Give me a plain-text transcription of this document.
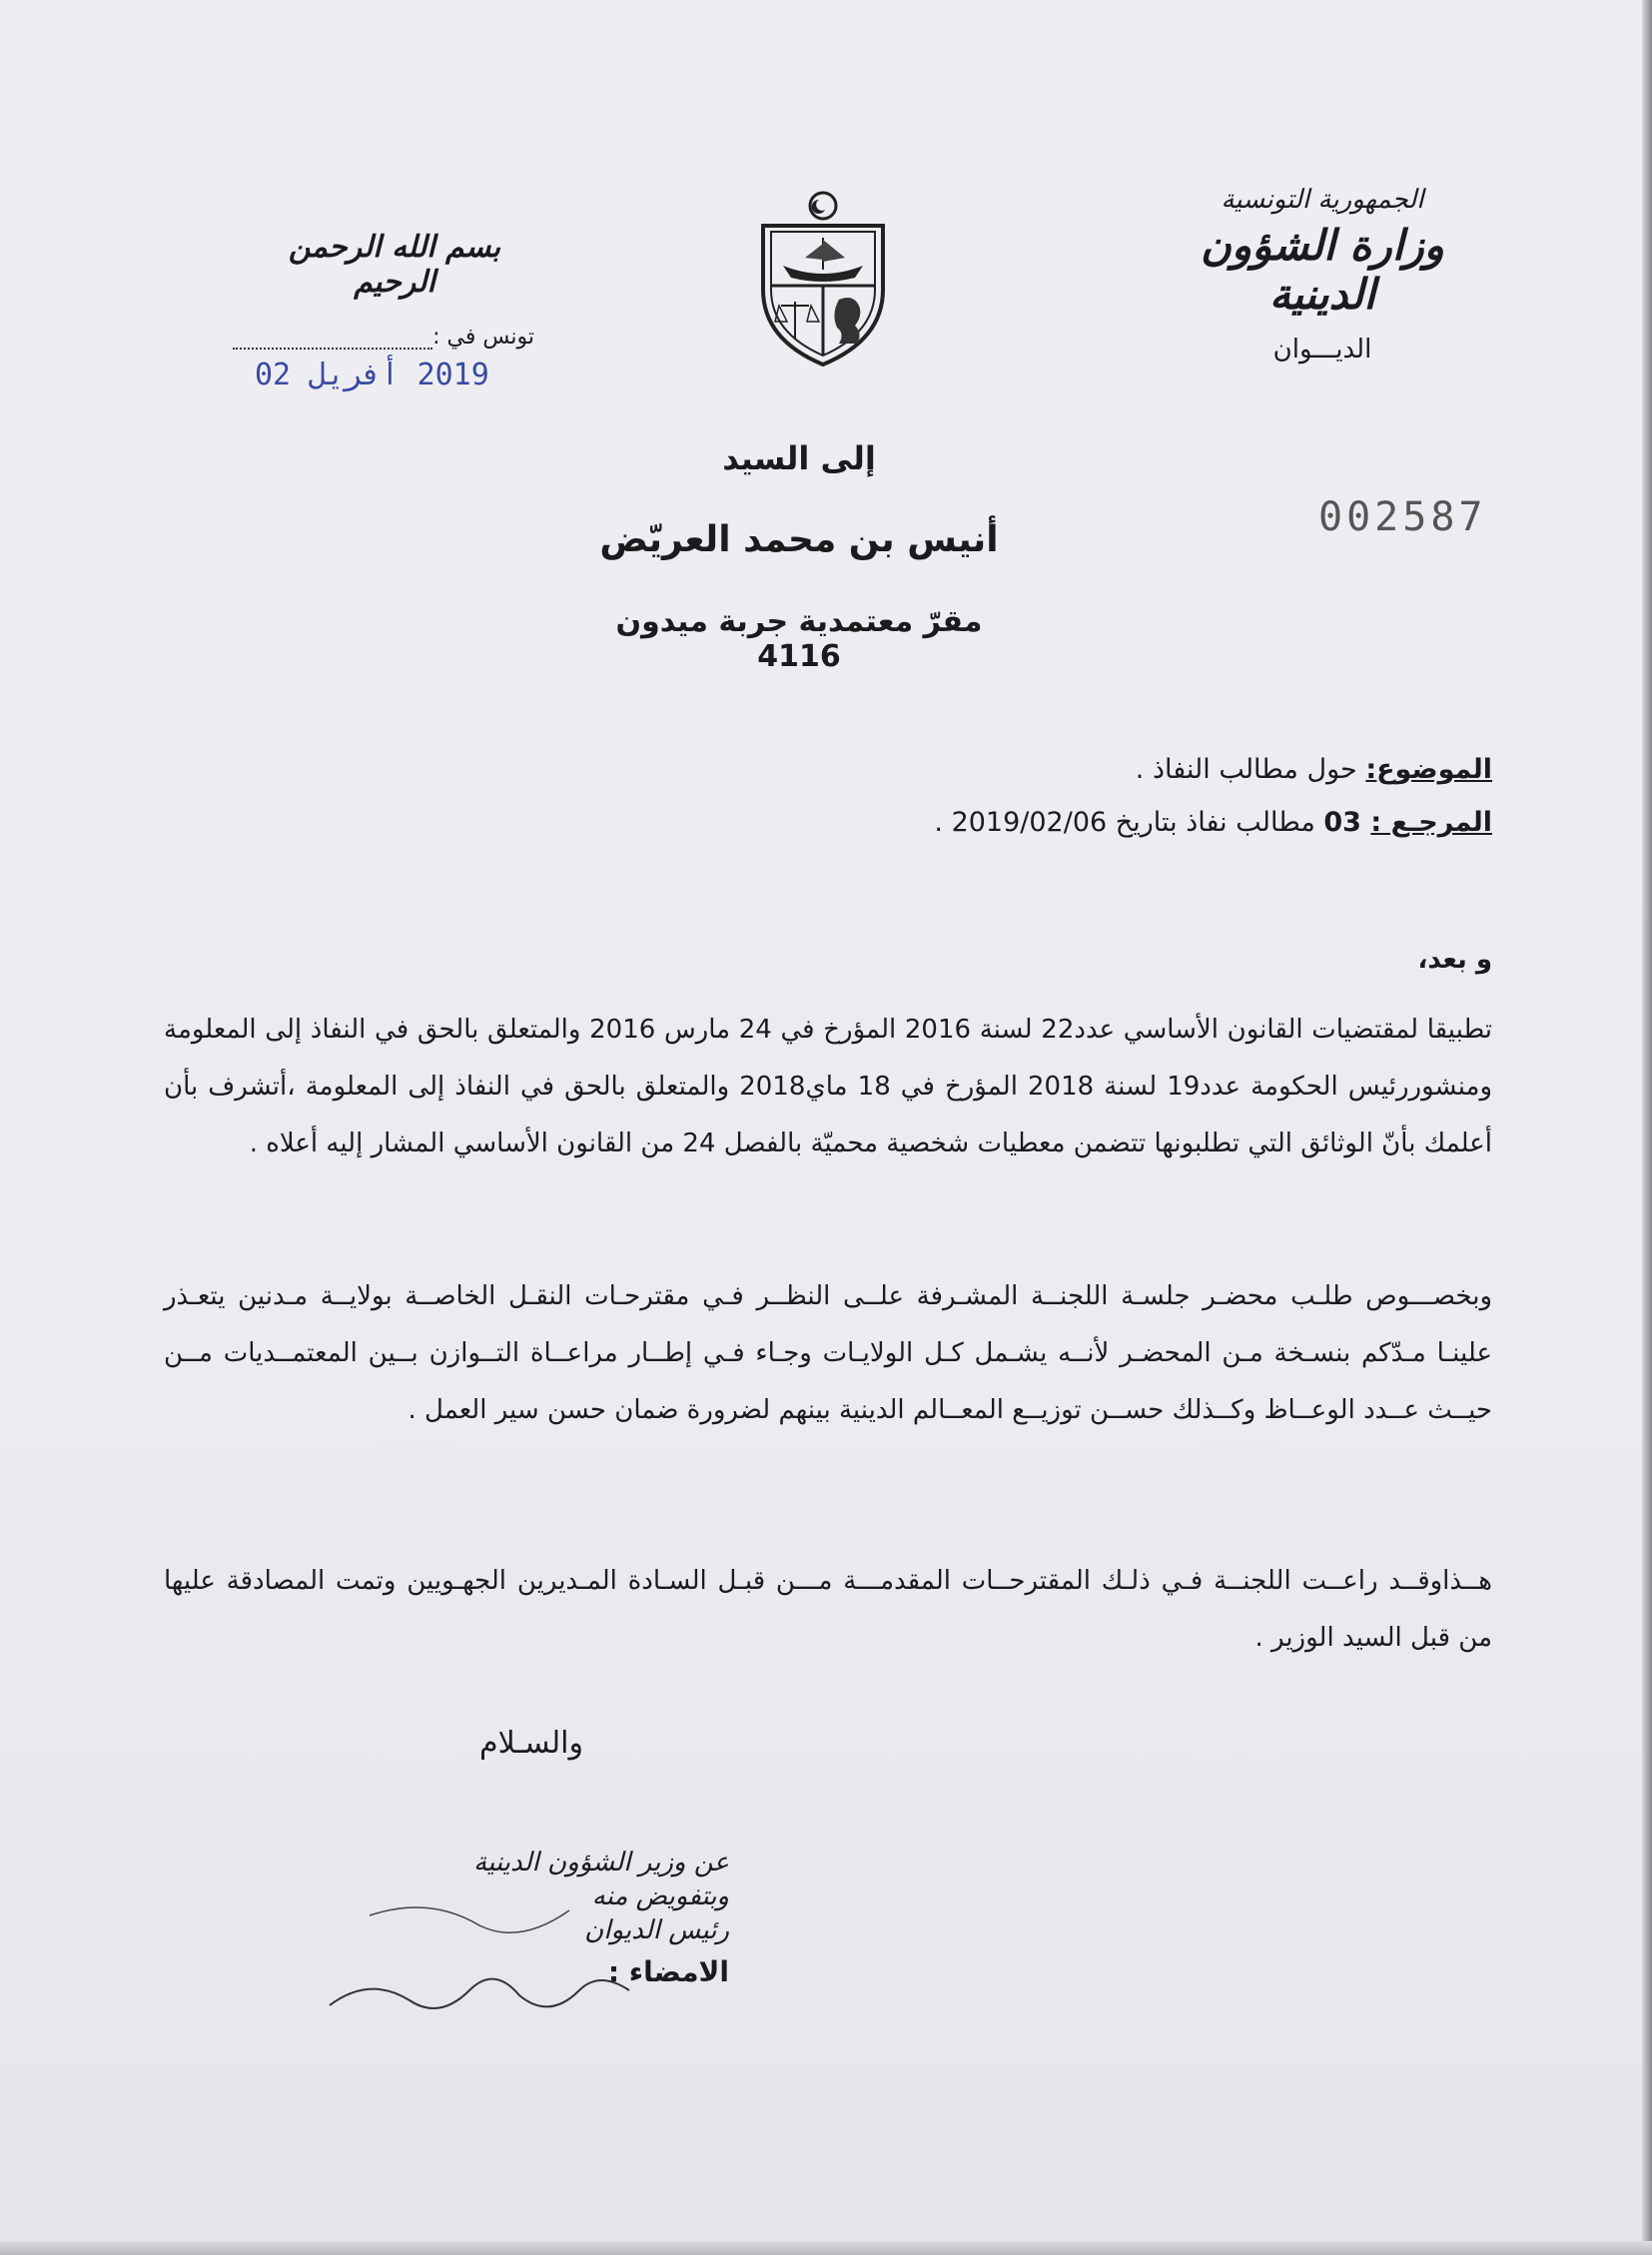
الجمهورية التونسية
وزارة الشؤون الدينية
الديـــوان
بسم الله الرحمن الرحيم
تونس في :
2019 أفريل 02
002587
إلى السيد
أنيس بن محمد العريّض
مقرّ معتمدية جربة ميدون 4116
الموضوع: حول مطالب النفاذ .
المرجـع : 03 مطالب نفاذ بتاريخ 2019/02/06 .
و بعد،
تطبيقا لمقتضيات القانون الأساسي عدد22 لسنة 2016 المؤرخ في 24 مارس 2016 والمتعلق بالحق في النفاذ إلى المعلومة ومنشوررئيس الحكومة عدد19 لسنة 2018 المؤرخ في 18 ماي2018 والمتعلق بالحق في النفاذ إلى المعلومة ،أتشرف بأن أعلمك بأنّ الوثائق التي تطلبونها تتضمن معطيات شخصية محميّة بالفصل 24 من القانون الأساسي المشار إليه أعلاه .
وبخصـــوص طلـب محضـر جلسـة اللجنــة المشـرفة علــى النظــر فـي مقترحـات النقـل الخاصــة بولايــة مـدنين يتعـذر علينـا مـدّكم بنسـخة مـن المحضـر لأنــه يشـمل كـل الولايـات وجـاء فـي إطــار مراعــاة التــوازن بــين المعتمــديات مــن حيــث عــدد الوعــاظ وكــذلك حســن توزيــع المعــالم الدينية بينهم لضرورة ضمان حسن سير العمل .
هــذاوقــد راعــت اللجنــة فـي ذلـك المقترحــات المقدمـــة مـــن قبـل السـادة المـديرين الجهـويين وتمت المصادقة عليها من قبل السيد الوزير .
والسـلام
عن وزير الشؤون الدينية
وبتفويض منه
رئيس الديوان
الامضاء :
